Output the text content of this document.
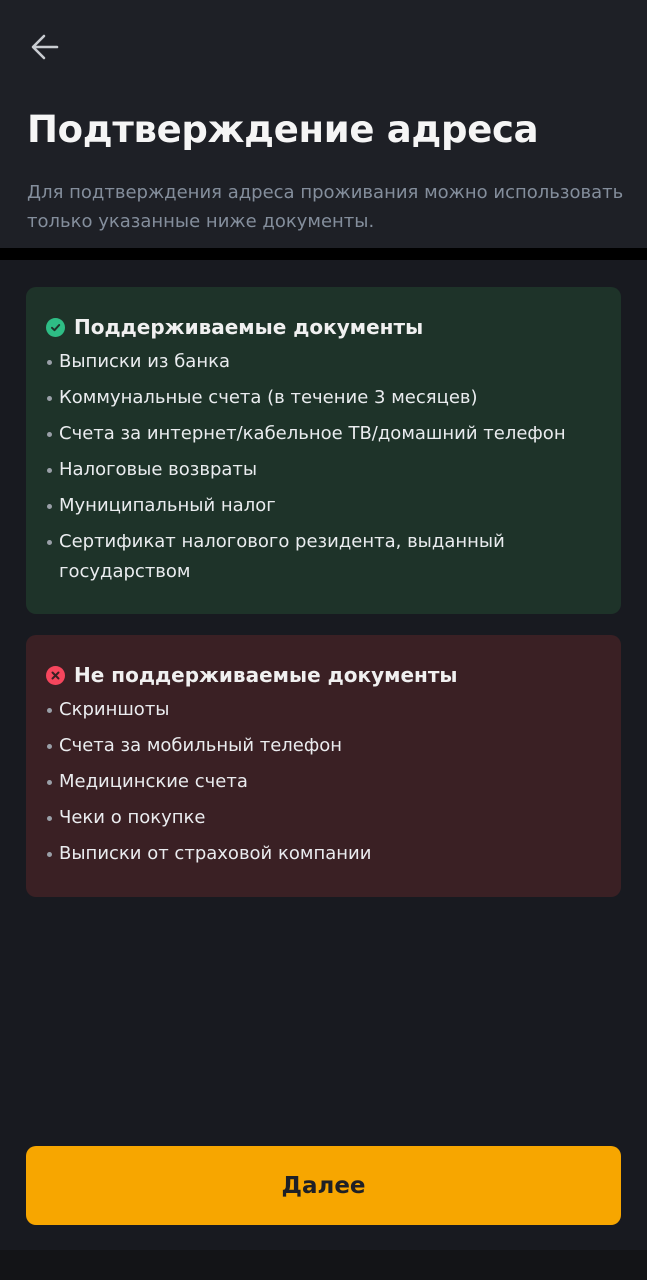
Подтверждение адреса

Для подтверждения адреса проживания можно использовать только указанные ниже документы.

Поддерживаемые документы
Выписки из банка
Коммунальные счета (в течение 3 месяцев)
Счета за интернет/кабельное ТВ/домашний телефон
Налоговые возвраты
Муниципальный налог
Сертификат налогового резидента, выданный государством
Не поддерживаемые документы
Скриншоты
Счета за мобильный телефон
Медицинские счета
Чеки о покупке
Выписки от страховой компании
Далее
